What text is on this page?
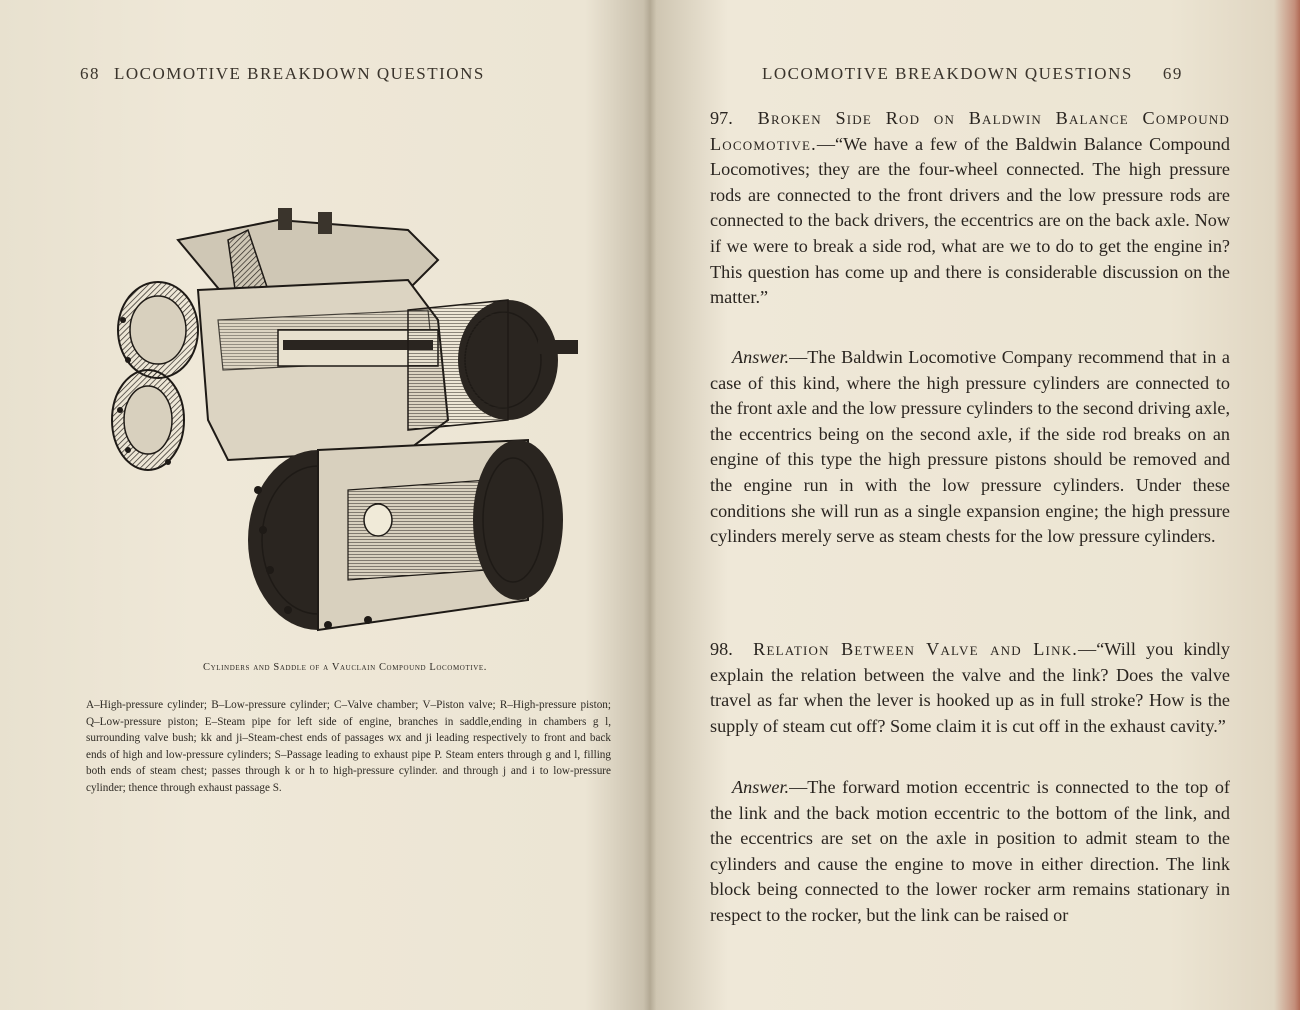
68 LOCOMOTIVE BREAKDOWN QUESTIONS
Cylinders and Saddle of a Vauclain Compound Locomotive.
A–High-pressure cylinder; B–Low-pressure cylinder; C–Valve chamber; V–Piston valve; R–High-pressure piston; Q–Low-pressure piston; E–Steam pipe for left side of engine, branches in saddle,ending in chambers g l, surrounding valve bush; kk and ji–Steam-chest ends of passages wx and ji leading respectively to front and back ends of high and low-pressure cylinders; S–Passage leading to exhaust pipe P. Steam enters through g and l, filling both ends of steam chest; passes through k or h to high-pressure cylinder. and through j and i to low-pressure cylinder; thence through exhaust passage S.
LOCOMOTIVE BREAKDOWN QUESTIONS 69

97. Broken Side Rod on Baldwin Balance Compound Locomotive.—“We have a few of the Baldwin Balance Compound Locomotives; they are the four-wheel connected. The high pressure rods are connected to the front drivers and the low pressure rods are connected to the back drivers, the eccentrics are on the back axle. Now if we were to break a side rod, what are we to do to get the engine in? This question has come up and there is considerable discussion on the matter.”

Answer.—The Baldwin Locomotive Company recommend that in a case of this kind, where the high pressure cylinders are connected to the front axle and the low pressure cylinders to the second driving axle, the eccentrics being on the second axle, if the side rod breaks on an engine of this type the high pressure pistons should be removed and the engine run in with the low pressure cylinders. Under these conditions she will run as a single expansion engine; the high pressure cylinders merely serve as steam chests for the low pressure cylinders.

98. Relation Between Valve and Link.—“Will you kindly explain the relation between the valve and the link? Does the valve travel as far when the lever is hooked up as in full stroke? How is the supply of steam cut off? Some claim it is cut off in the exhaust cavity.”

Answer.—The forward motion eccentric is connected to the top of the link and the back motion eccentric to the bottom of the link, and the eccentrics are set on the axle in position to admit steam to the cylinders and cause the engine to move in either direction. The link block being connected to the lower rocker arm remains stationary in respect to the rocker, but the link can be raised or
